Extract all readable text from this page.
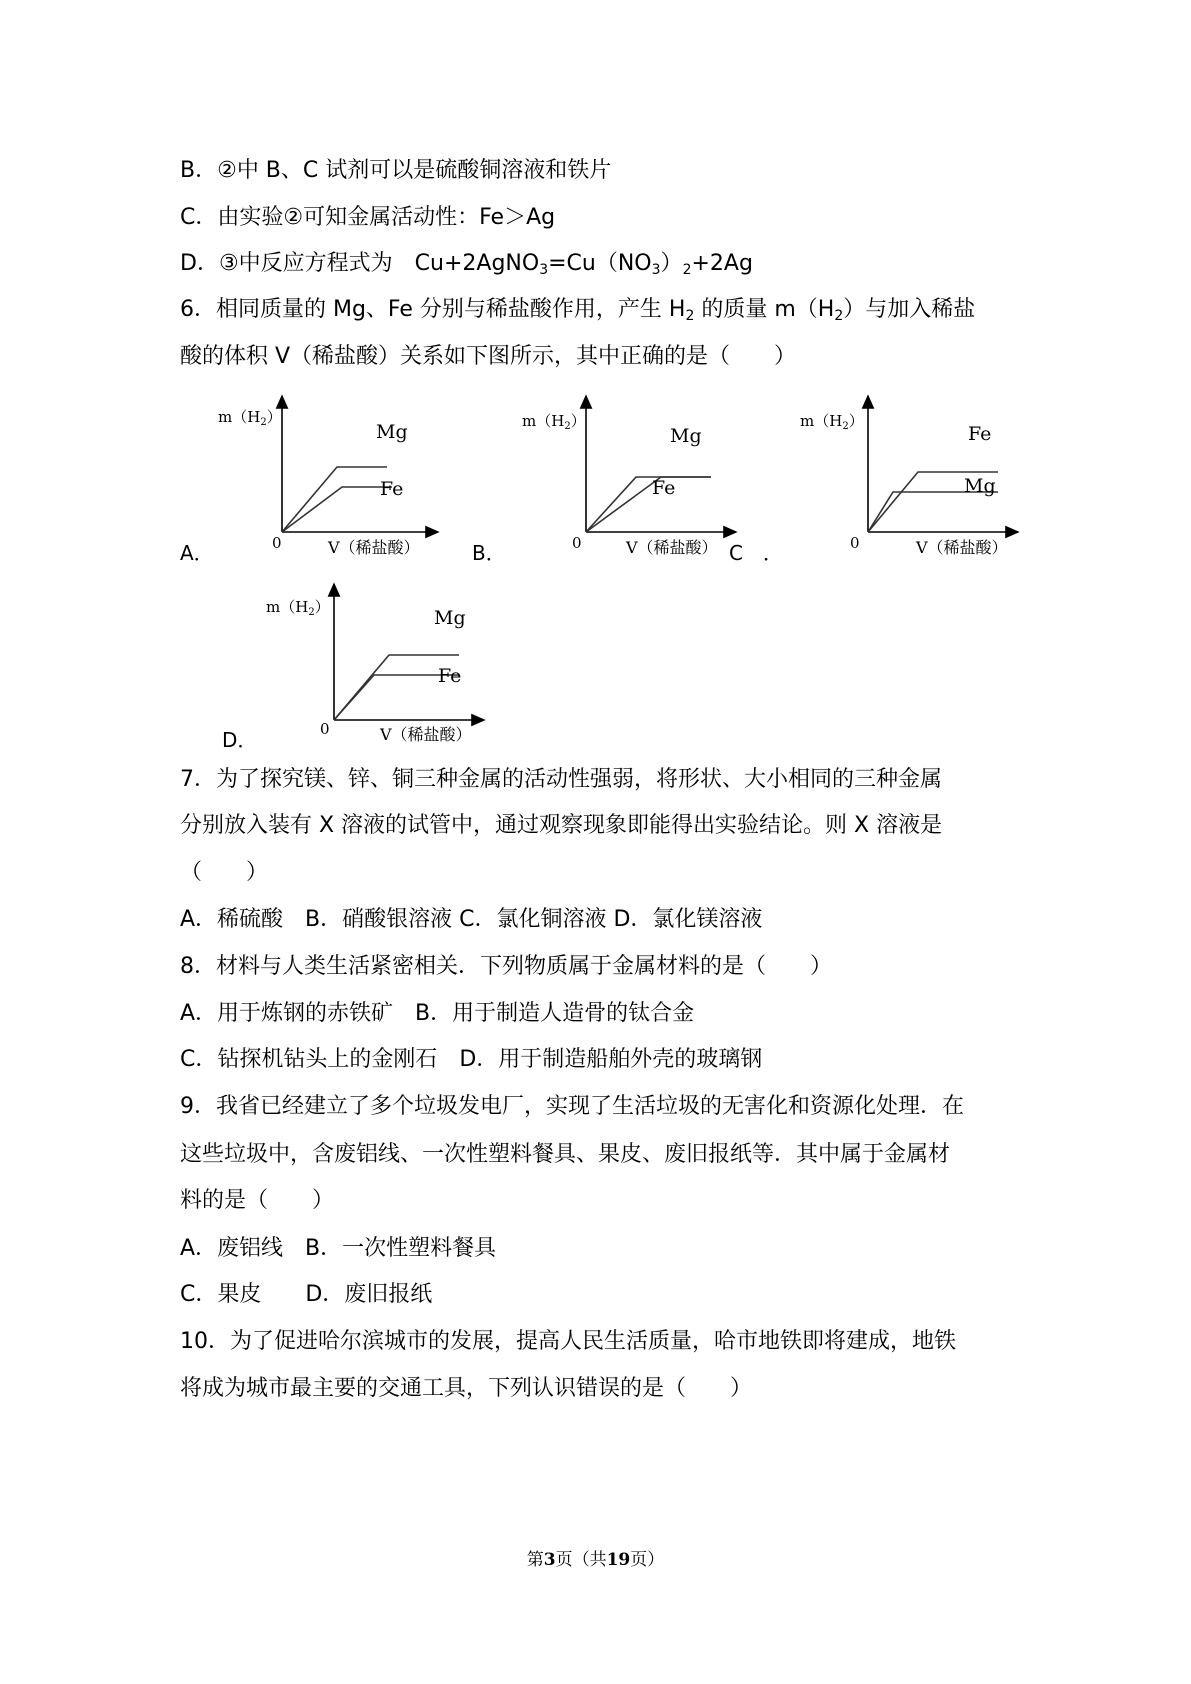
B．②中 B、C 试剂可以是硫酸铜溶液和铁片
C．由实验②可知金属活动性：Fe＞Ag
D．③中反应方程式为　$Cu+2AgNO_3=Cu(NO_3)_2+2Ag$
6．相同质量的 Mg、Fe 分别与稀盐酸作用，产生 $H_2$ 的质量 $m(H_2)$与加入稀盐
酸的体积 V（稀盐酸）关系如下图所示，其中正确的是（　　）
A．	B．	C　．
D．
$m(H_2)$
0	V（稀盐酸）
Mg
Fe
$m(H_2)$
0	V（稀盐酸）
Mg
Fe
$m(H_2)$
0	V（稀盐酸）
Fe
Mg
$m(H_2)$
0	V（稀盐酸）
Mg
Fe
7．为了探究镁、锌、铜三种金属的活动性强弱，将形状、大小相同的三种金属
分别放入装有 X 溶液的试管中，通过观察现象即能得出实验结论。则 X 溶液是
（　　）
A．稀硫酸　B．硝酸银溶液 C．氯化铜溶液 D．氯化镁溶液
8．材料与人类生活紧密相关．下列物质属于金属材料的是（　　）
A．用于炼钢的赤铁矿　B．用于制造人造骨的钛合金
C．钻探机钻头上的金刚石　D．用于制造船舶外壳的玻璃钢
9．我省已经建立了多个垃圾发电厂，实现了生活垃圾的无害化和资源化处理．在
这些垃圾中，含废铝线、一次性塑料餐具、果皮、废旧报纸等．其中属于金属材
料的是（　　）
A．废铝线　B．一次性塑料餐具
C．果皮　　D．废旧报纸
10．为了促进哈尔滨城市的发展，提高人民生活质量，哈市地铁即将建成，地铁
将成为城市最主要的交通工具，下列认识错误的是（　　）
第3页（共19页）
